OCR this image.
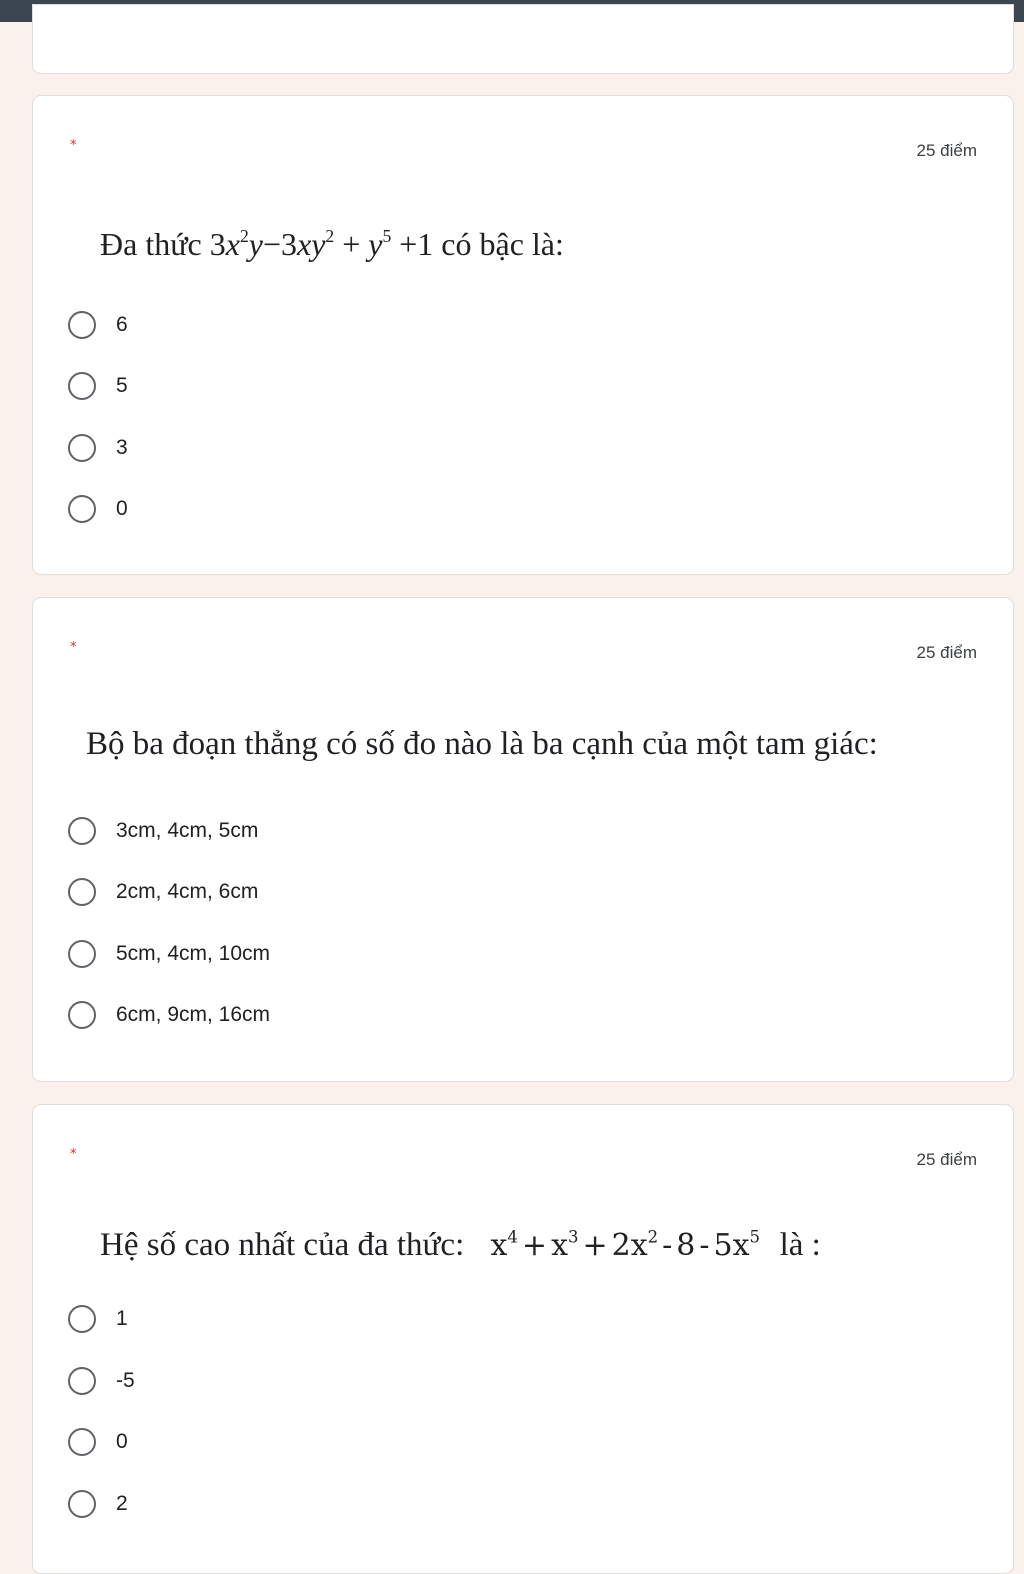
*	25 điểm
Đa thức $3x^2y-3xy^2 + y^5 +1$ có bậc là:
6
5
3
0
*	25 điểm
Bộ ba đoạn thẳng có số đo nào là ba cạnh của một tam giác:
3cm, 4cm, 5cm
2cm, 4cm, 6cm
5cm, 4cm, 10cm
6cm, 9cm, 16cm
*	25 điểm
Hệ số cao nhất của đa thức: $x^4 + x^3 + 2x^2 - 8 - 5x^5$ là :
1
-5
0
2
